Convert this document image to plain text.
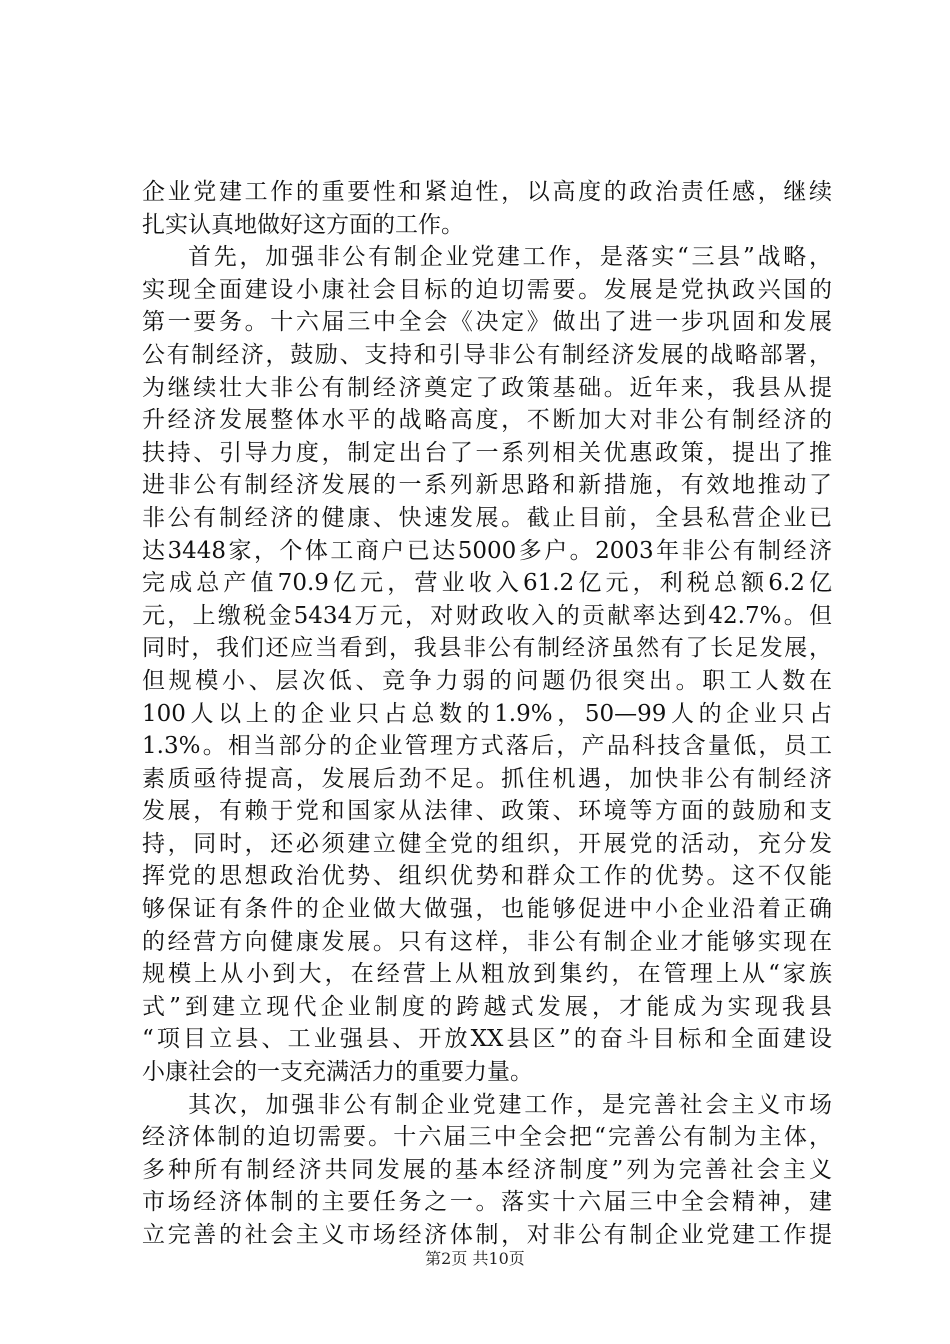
企业党建工作的重要性和紧迫性，以高度的政治责任感，继续
扎实认真地做好这方面的工作。
首先，加强非公有制企业党建工作，是落实“三县”战略，
实现全面建设小康社会目标的迫切需要。发展是党执政兴国的
第一要务。十六届三中全会《决定》做出了进一步巩固和发展
公有制经济，鼓励、支持和引导非公有制经济发展的战略部署，
为继续壮大非公有制经济奠定了政策基础。近年来，我县从提
升经济发展整体水平的战略高度，不断加大对非公有制经济的
扶持、引导力度，制定出台了一系列相关优惠政策，提出了推
进非公有制经济发展的一系列新思路和新措施，有效地推动了
非公有制经济的健康、快速发展。截止目前，全县私营企业已
达3448家，个体工商户已达5000多户。2003年非公有制经济
完成总产值70.9亿元，营业收入61.2亿元，利税总额6.2亿
元，上缴税金5434万元，对财政收入的贡献率达到42.7%。但
同时，我们还应当看到，我县非公有制经济虽然有了长足发展，
但规模小、层次低、竞争力弱的问题仍很突出。职工人数在
100人以上的企业只占总数的1.9%，50—99人的企业只占
1.3%。相当部分的企业管理方式落后，产品科技含量低，员工
素质亟待提高，发展后劲不足。抓住机遇，加快非公有制经济
发展，有赖于党和国家从法律、政策、环境等方面的鼓励和支
持，同时，还必须建立健全党的组织，开展党的活动，充分发
挥党的思想政治优势、组织优势和群众工作的优势。这不仅能
够保证有条件的企业做大做强，也能够促进中小企业沿着正确
的经营方向健康发展。只有这样，非公有制企业才能够实现在
规模上从小到大，在经营上从粗放到集约，在管理上从“家族
式”到建立现代企业制度的跨越式发展，才能成为实现我县
“项目立县、工业强县、开放XX县区”的奋斗目标和全面建设
小康社会的一支充满活力的重要力量。
其次，加强非公有制企业党建工作，是完善社会主义市场
经济体制的迫切需要。十六届三中全会把“完善公有制为主体，
多种所有制经济共同发展的基本经济制度”列为完善社会主义
市场经济体制的主要任务之一。落实十六届三中全会精神，建
立完善的社会主义市场经济体制，对非公有制企业党建工作提
第2页 共10页
